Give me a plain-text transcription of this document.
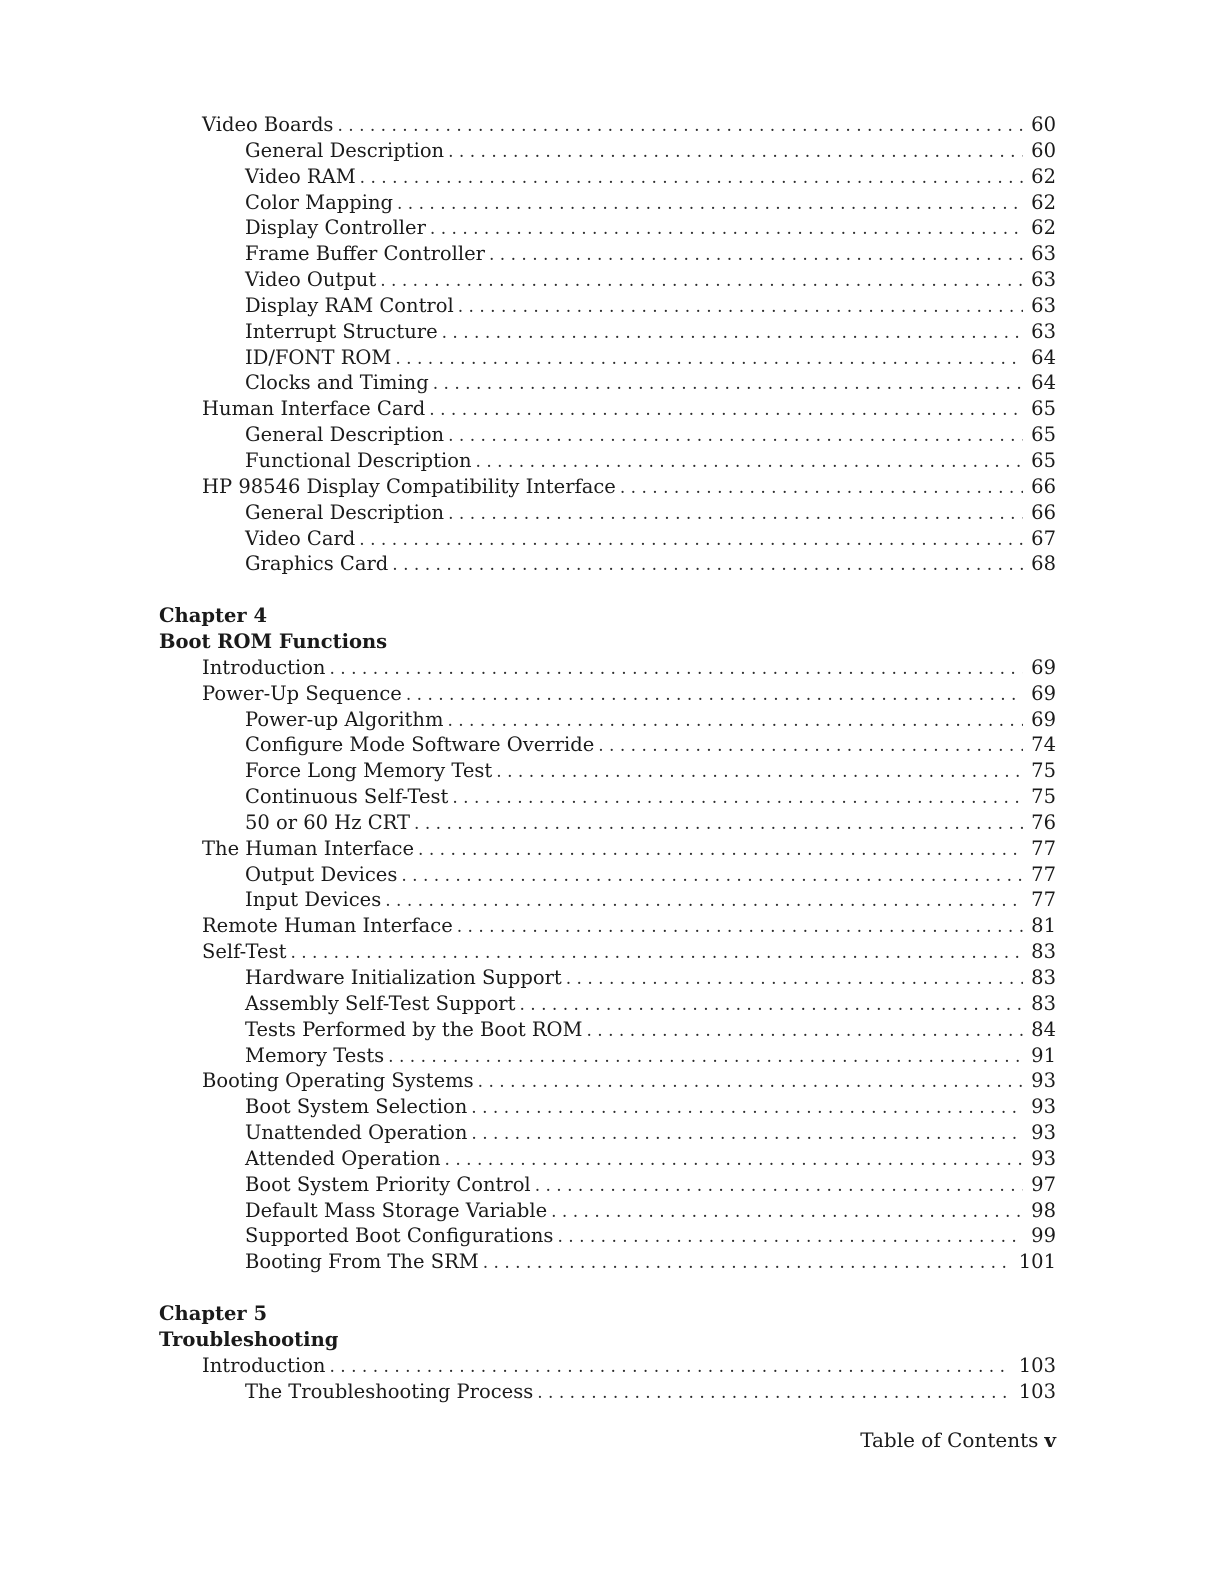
Video Boards . . .	60
General Description . . .	60
Video RAM . . .	62
Color Mapping . . .	62
Display Controller . . .	62
Frame Buffer Controller . . .	63
Video Output . . .	63
Display RAM Control . . .	63
Interrupt Structure . . .	63
ID/FONT ROM . . .	64
Clocks and Timing . . .	64
Human Interface Card . . .	65
General Description . . .	65
Functional Description . . .	65
HP 98546 Display Compatibility Interface . . .	66
General Description . . .	66
Video Card . . .	67
Graphics Card . . .	68
Chapter 4
Boot ROM Functions
Introduction . . .	69
Power-Up Sequence . . .	69
Power-up Algorithm . . .	69
Configure Mode Software Override . . .	74
Force Long Memory Test . . .	75
Continuous Self-Test . . .	75
50 or 60 Hz CRT . . .	76
The Human Interface . . .	77
Output Devices . . .	77
Input Devices . . .	77
Remote Human Interface . . .	81
Self-Test . . .	83
Hardware Initialization Support . . .	83
Assembly Self-Test Support . . .	83
Tests Performed by the Boot ROM . . .	84
Memory Tests . . .	91
Booting Operating Systems . . .	93
Boot System Selection . . .	93
Unattended Operation . . .	93
Attended Operation . . .	93
Boot System Priority Control . . .	97
Default Mass Storage Variable . . .	98
Supported Boot Configurations . . .	99
Booting From The SRM . . .	101
Chapter 5
Troubleshooting
Introduction . . .	103
The Troubleshooting Process . . .	103
Table of Contents v
